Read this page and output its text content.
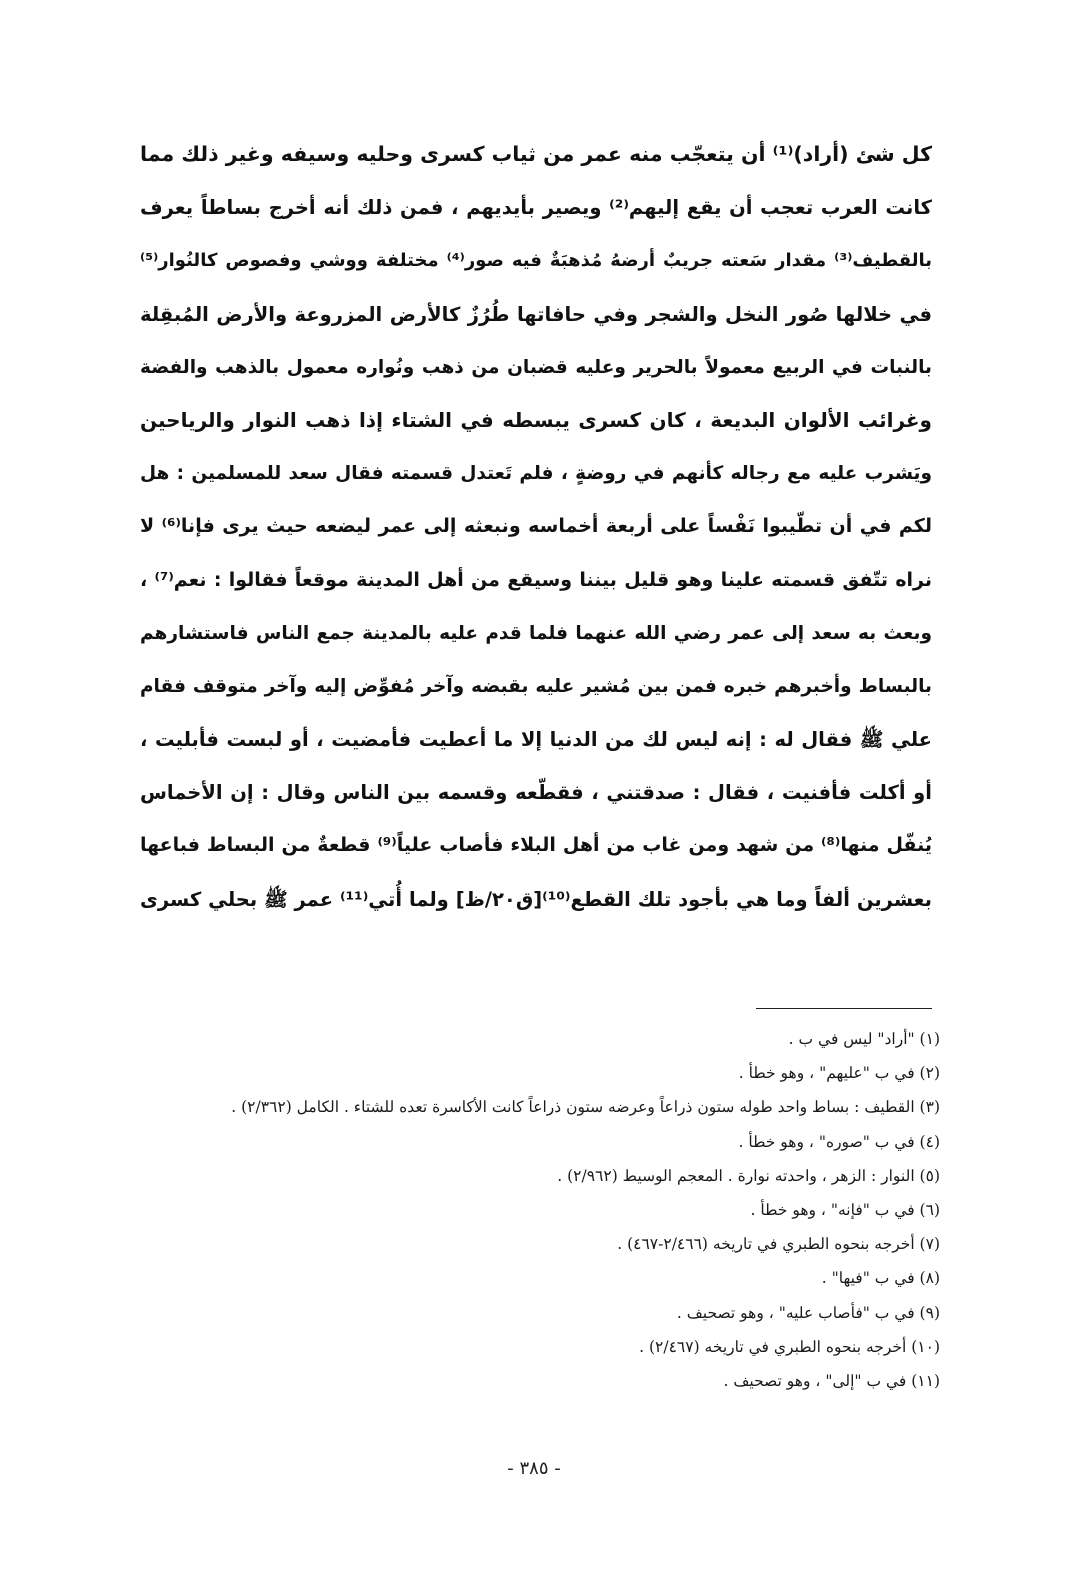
كل شئ (أراد)⁽¹⁾ أن يتعجّب منه عمر من ثياب كسرى وحليه وسيفه وغير ذلك مما
كانت العرب تعجب أن يقع إليهم⁽²⁾ ويصير بأيديهم ، فمن ذلك أنه أخرج بساطاً يعرف
بالقطيف⁽³⁾ مقدار سَعته جريبٌ أرضهُ مُذهبَةٌ فيه صور⁽⁴⁾ مختلفة ووشي وفصوص كالنُوار⁽⁵⁾
في خلالها صُور النخل والشجر وفي حافاتها طُرُزٌ كالأرض المزروعة والأرض المُبقِلة
بالنبات في الربيع معمولاً بالحرير وعليه قضبان من ذهب ونُواره معمول بالذهب والفضة
وغرائب الألوان البديعة ، كان كسرى يبسطه في الشتاء إذا ذهب النوار والرياحين
ويَشرب عليه مع رجاله كأنهم في روضةٍ ، فلم تَعتدل قسمته فقال سعد للمسلمين : هل
لكم في أن تطّيبوا نَفْساً على أربعة أخماسه ونبعثه إلى عمر ليضعه حيث يرى فإنا⁽⁶⁾ لا
نراه تتّفق قسمته علينا وهو قليل بيننا وسيقع من أهل المدينة موقعاً فقالوا : نعم⁽⁷⁾ ،
وبعث به سعد إلى عمر رضي الله عنهما فلما قدم عليه بالمدينة جمع الناس فاستشارهم
بالبساط وأخبرهم خبره فمن بين مُشير عليه بقبضه وآخر مُفوِّض إليه وآخر متوقف فقام
علي ﷺ فقال له : إنه ليس لك من الدنيا إلا ما أعطيت فأمضيت ، أو لبست فأبليت ،
أو أكلت فأفنيت ، فقال : صدقتني ، فقطّعه وقسمه بين الناس وقال : إن الأخماس
يُنفّل منها⁽⁸⁾ من شهد ومن غاب من أهل البلاء فأصاب علياً⁽⁹⁾ قطعةٌ من البساط فباعها
بعشرين ألفاً وما هي بأجود تلك القطع⁽¹⁰⁾[ق٢٠/ظ] ولما أُتي⁽¹¹⁾ عمر ﷺ بحلي كسرى
(١) "أراد" ليس في ب .
(٢) في ب "عليهم" ، وهو خطأ .
(٣) القطيف : بساط واحد طوله ستون ذراعاً وعرضه ستون ذراعاً كانت الأكاسرة تعده للشتاء . الكامل (٢/٣٦٢) .
(٤) في ب "صوره" ، وهو خطأ .
(٥) النوار : الزهر ، واحدته نوارة . المعجم الوسيط (٢/٩٦٢) .
(٦) في ب "فإنه" ، وهو خطأ .
(٧) أخرجه بنحوه الطبري في تاريخه (٢/٤٦٦-٤٦٧) .
(٨) في ب "فيها" .
(٩) في ب "فأصاب عليه" ، وهو تصحيف .
(١٠) أخرجه بنحوه الطبري في تاريخه (٢/٤٦٧) .
(١١) في ب "إلى" ، وهو تصحيف .
- ٣٨٥ -
